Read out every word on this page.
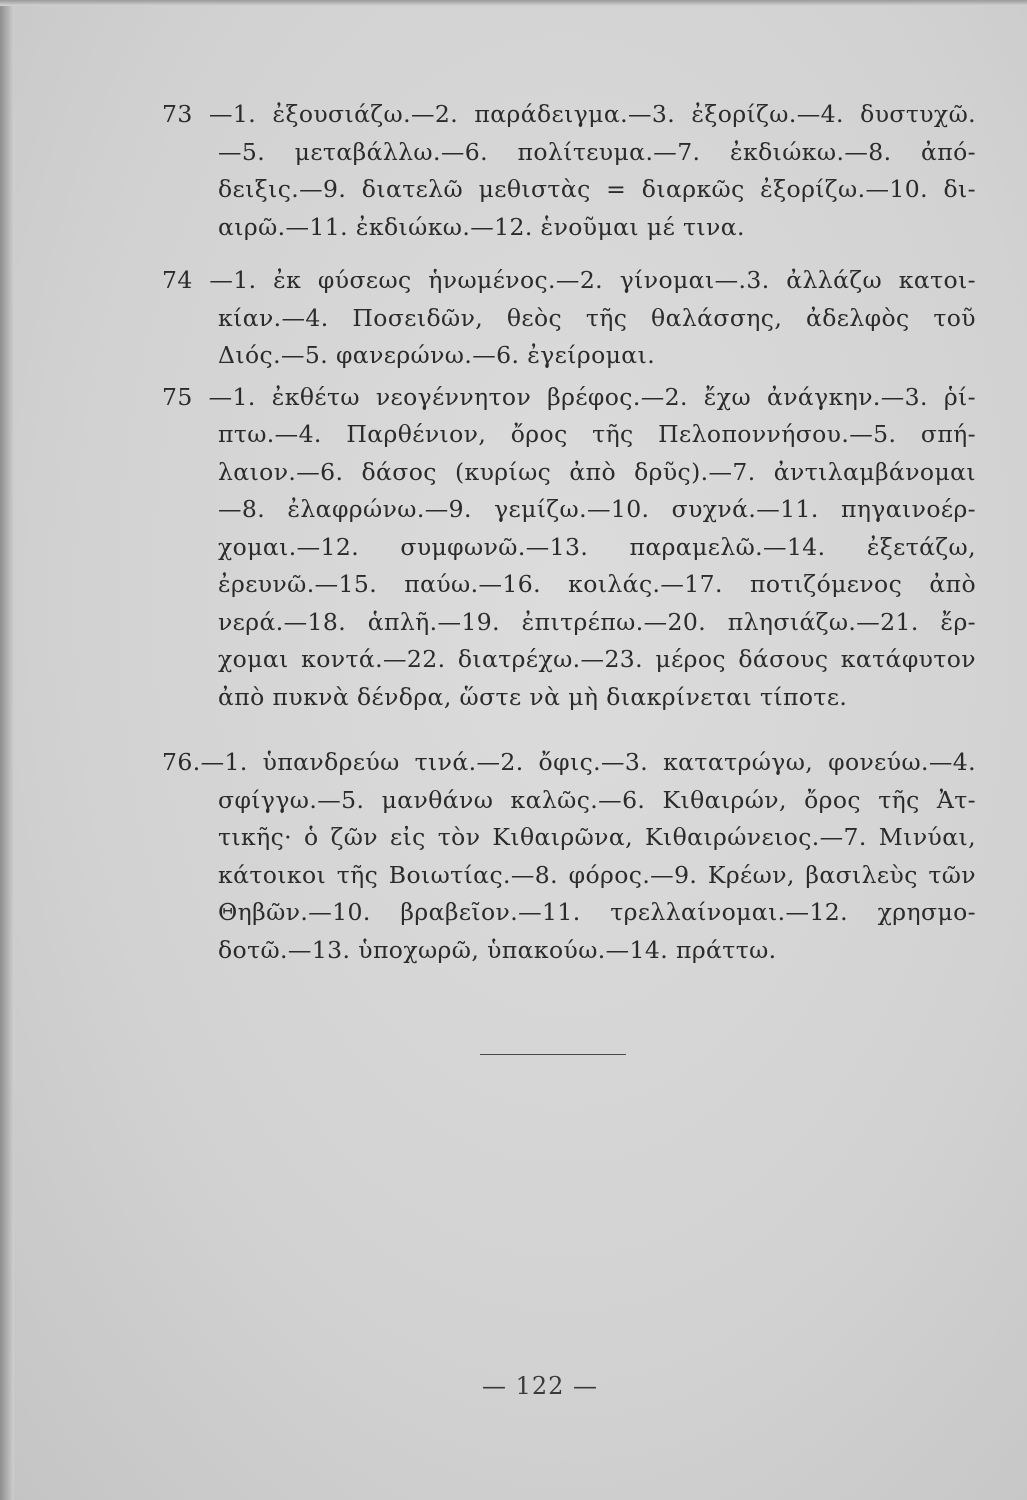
73 —1. ἐξουσιάζω.—2. παράδειγμα.—3. ἐξορίζω.—4. δυστυχῶ.
—5. μεταβάλλω.—6. πολίτευμα.—7. ἐκδιώκω.—8. ἀπό-
δειξις.—9. διατελῶ μεθιστὰς = διαρκῶς ἐξορίζω.—10. δι-
αιρῶ.—11. ἐκδιώκω.—12. ἑνοῦμαι μέ τινα.
74 —1. ἐκ φύσεως ἡνωμένος.—2. γίνομαι—.3. ἀλλάζω κατοι-
κίαν.—4. Ποσειδῶν, θεὸς τῆς θαλάσσης, ἀδελφὸς τοῦ
Διός.—5. φανερώνω.—6. ἐγείρομαι.
75 —1. ἐκθέτω νεογέννητον βρέφος.—2. ἔχω ἀνάγκην.—3. ῥί-
πτω.—4. Παρθένιον, ὄρος τῆς Πελοποννήσου.—5. σπή-
λαιον.—6. δάσος (κυρίως ἀπὸ δρῦς).—7. ἀντιλαμβάνομαι
—8. ἐλαφρώνω.—9. γεμίζω.—10. συχνά.—11. πηγαινοέρ-
χομαι.—12. συμφωνῶ.—13. παραμελῶ.—14. ἐξετάζω,
ἐρευνῶ.—15. παύω.—16. κοιλάς.—17. ποτιζόμενος ἀπὸ
νερά.—18. ἁπλῆ.—19. ἐπιτρέπω.—20. πλησιάζω.—21. ἔρ-
χομαι κοντά.—22. διατρέχω.—23. μέρος δάσους κατάφυτον
ἀπὸ πυκνὰ δένδρα, ὥστε νὰ μὴ διακρίνεται τίποτε.
76.—1. ὑπανδρεύω τινά.—2. ὄφις.—3. κατατρώγω, φονεύω.—4.
σφίγγω.—5. μανθάνω καλῶς.—6. Κιθαιρών, ὄρος τῆς Ἀτ-
τικῆς· ὁ ζῶν εἰς τὸν Κιθαιρῶνα, Κιθαιρώνειος.—7. Μινύαι,
κάτοικοι τῆς Βοιωτίας.—8. φόρος.—9. Κρέων, βασιλεὺς τῶν
Θηβῶν.—10. βραβεῖον.—11. τρελλαίνομαι.—12. χρησμο-
δοτῶ.—13. ὑποχωρῶ, ὑπακούω.—14. πράττω.
— 122 —
